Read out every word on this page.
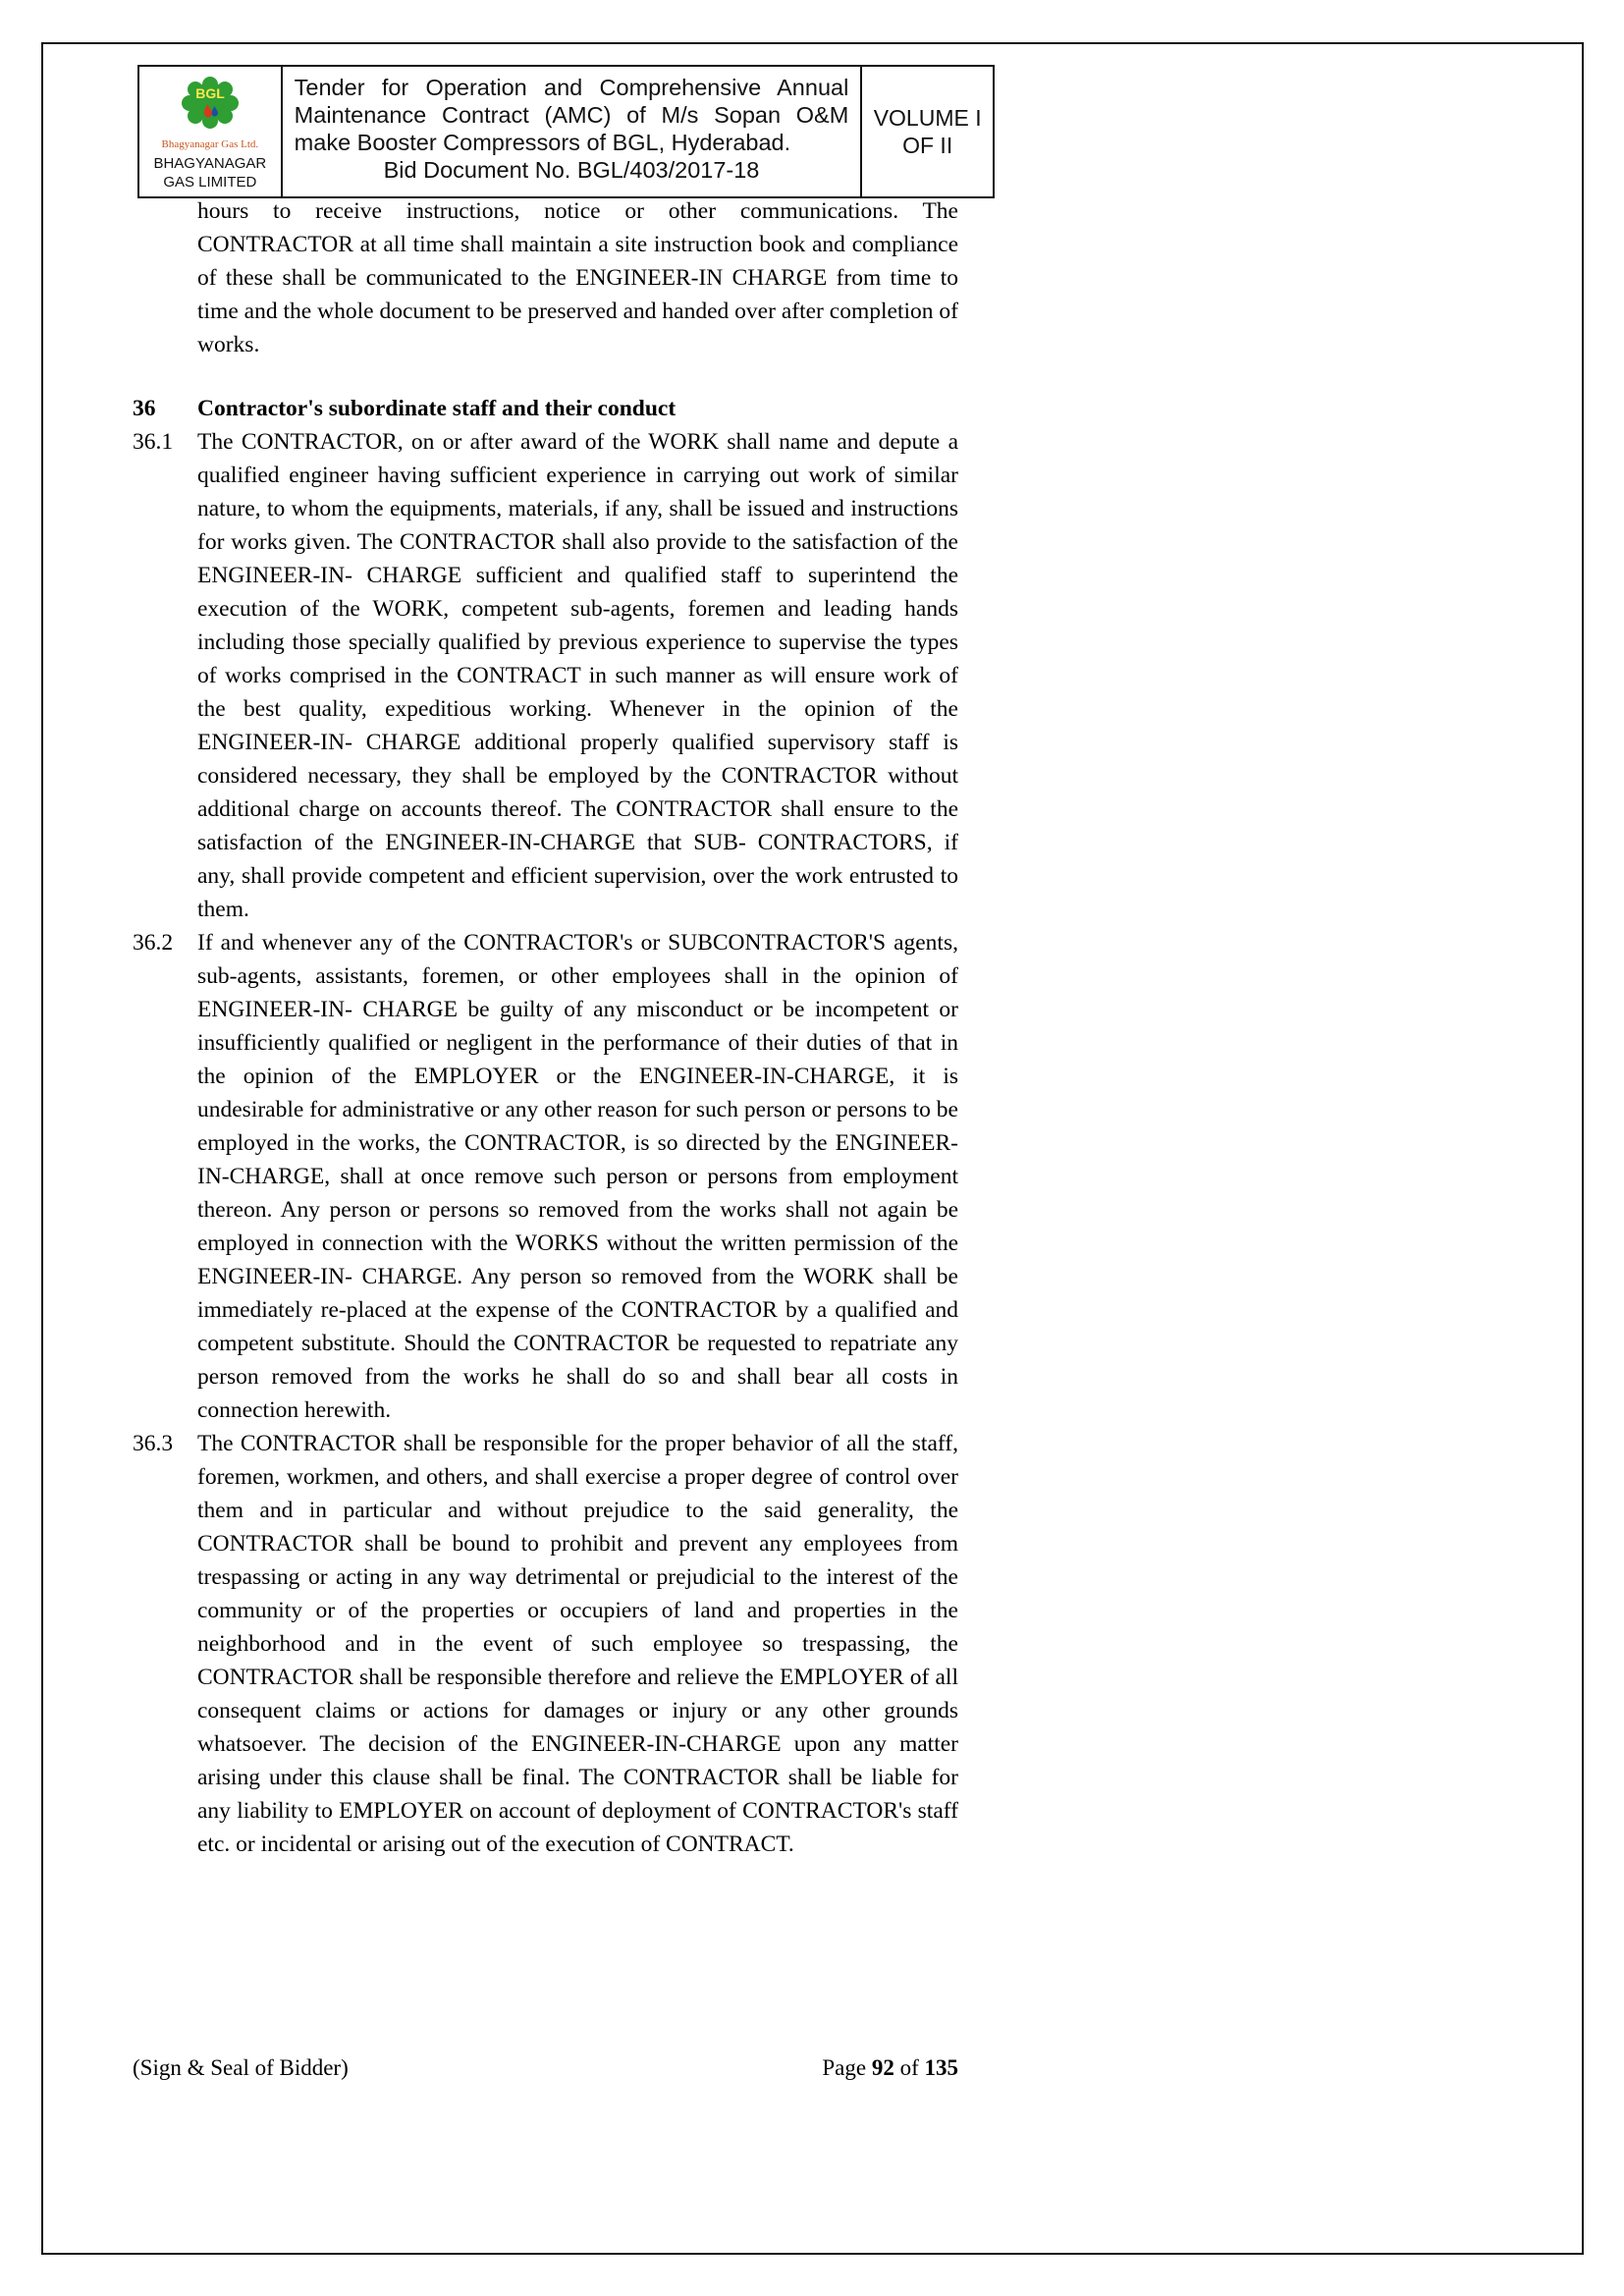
BGL
Bhagyanagar Gas Ltd.
BHAGYANAGAR GAS LIMITED
Tender for Operation and Comprehensive Annual Maintenance Contract (AMC) of M/s Sopan O&M make Booster Compressors of BGL, Hyderabad.
Bid Document No. BGL/403/2017-18
VOLUME I
OF II

hours to receive instructions, notice or other communications. The CONTRACTOR at all time shall maintain a site instruction book and compliance of these shall be communicated to the ENGINEER-IN CHARGE from time to time and the whole document to be preserved and handed over after completion of works.

36	Contractor's subordinate staff and their conduct
36.1	The CONTRACTOR, on or after award of the WORK shall name and depute a qualified engineer having sufficient experience in carrying out work of similar nature, to whom the equipments, materials, if any, shall be issued and instructions for works given. The CONTRACTOR shall also provide to the satisfaction of the ENGINEER-IN- CHARGE sufficient and qualified staff to superintend the execution of the WORK, competent sub-agents, foremen and leading hands including those specially qualified by previous experience to supervise the types of works comprised in the CONTRACT in such manner as will ensure work of the best quality, expeditious working. Whenever in the opinion of the ENGINEER-IN- CHARGE additional properly qualified supervisory staff is considered necessary, they shall be employed by the CONTRACTOR without additional charge on accounts thereof. The CONTRACTOR shall ensure to the satisfaction of the ENGINEER-IN-CHARGE that SUB- CONTRACTORS, if any, shall provide competent and efficient supervision, over the work entrusted to them.
36.2	If and whenever any of the CONTRACTOR's or SUBCONTRACTOR'S agents, sub-agents, assistants, foremen, or other employees shall in the opinion of ENGINEER-IN- CHARGE be guilty of any misconduct or be incompetent or insufficiently qualified or negligent in the performance of their duties of that in the opinion of the EMPLOYER or the ENGINEER-IN-CHARGE, it is undesirable for administrative or any other reason for such person or persons to be employed in the works, the CONTRACTOR, is so directed by the ENGINEER-IN-CHARGE, shall at once remove such person or persons from employment thereon. Any person or persons so removed from the works shall not again be employed in connection with the WORKS without the written permission of the ENGINEER-IN- CHARGE. Any person so removed from the WORK shall be immediately re-placed at the expense of the CONTRACTOR by a qualified and competent substitute. Should the CONTRACTOR be requested to repatriate any person removed from the works he shall do so and shall bear all costs in connection herewith.
36.3	The CONTRACTOR shall be responsible for the proper behavior of all the staff, foremen, workmen, and others, and shall exercise a proper degree of control over them and in particular and without prejudice to the said generality, the CONTRACTOR shall be bound to prohibit and prevent any employees from trespassing or acting in any way detrimental or prejudicial to the interest of the community or of the properties or occupiers of land and properties in the neighborhood and in the event of such employee so trespassing, the CONTRACTOR shall be responsible therefore and relieve the EMPLOYER of all consequent claims or actions for damages or injury or any other grounds whatsoever. The decision of the ENGINEER-IN-CHARGE upon any matter arising under this clause shall be final. The CONTRACTOR shall be liable for any liability to EMPLOYER on account of deployment of CONTRACTOR's staff etc. or incidental or arising out of the execution of CONTRACT.
(Sign & Seal of Bidder)	Page 92 of 135
